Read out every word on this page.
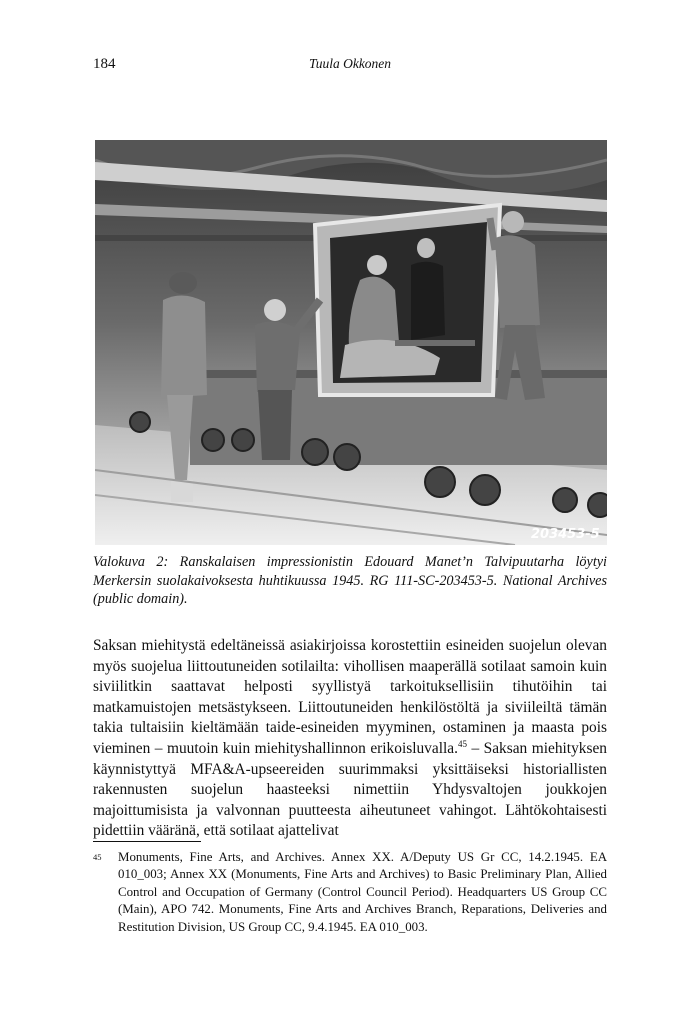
184	Tuula Okkonen
203453-5
Valokuva 2: Ranskalaisen impressionistin Edouard Manet’n Talvipuutarha löytyi Merkersin suolakaivoksesta huhtikuussa 1945. RG 111-SC-203453-5. National Archives (public domain).

Saksan miehitystä edeltäneissä asiakirjoissa korostettiin esineiden suojelun olevan myös suojelua liittoutuneiden sotilailta: vihollisen maaperällä sotilaat samoin kuin siviilitkin saattavat helposti syyllistyä tarkoituksellisiin tihutöihin tai matkamuistojen metsästykseen. Liittoutuneiden henkilöstöltä ja siviileiltä tämän takia tultaisiin kieltämään taide-esineiden myyminen, ostaminen ja maasta pois vieminen – muutoin kuin miehityshallinnon erikoisluvalla.$^{45}$ – Saksan miehityksen käynnistyttyä MFA&A-upseereiden suurimmaksi yksittäiseksi historiallisten rakennusten suojelun haasteeksi nimettiin Yhdysvaltojen joukkojen majoittumisista ja valvonnan puutteesta aiheutuneet vahingot. Lähtökohtaisesti pidettiin vääränä, että sotilaat ajattelivat

45 Monuments, Fine Arts, and Archives. Annex XX. A/Deputy US Gr CC, 14.2.1945. EA 010_003; Annex XX (Monuments, Fine Arts and Archives) to Basic Preliminary Plan, Allied Control and Occupation of Germany (Control Council Period). Headquarters US Group CC (Main), APO 742. Monuments, Fine Arts and Archives Branch, Reparations, Deliveries and Restitution Division, US Group CC, 9.4.1945. EA 010_003.
